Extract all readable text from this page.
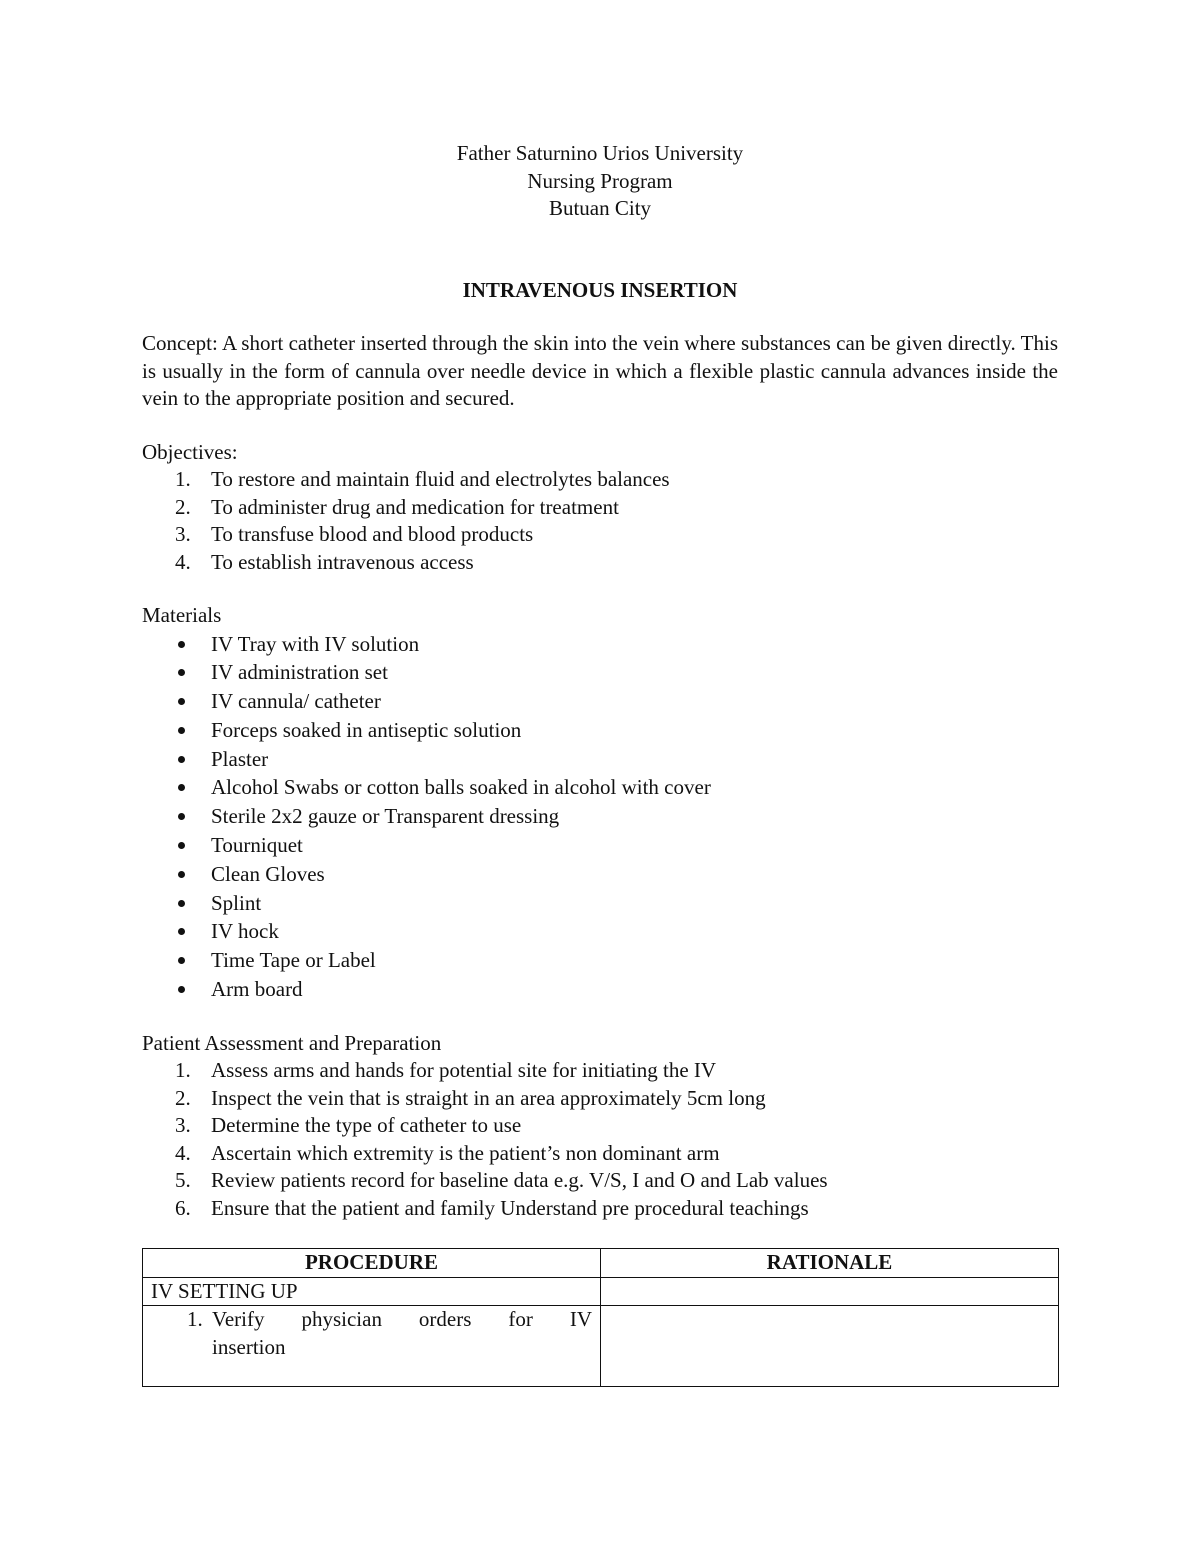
Father Saturnino Urios University
Nursing Program
Butuan City
INTRAVENOUS INSERTION
Concept: A short catheter inserted through the skin into the vein where substances can be given directly. This is usually in the form of cannula over needle device in which a flexible plastic cannula advances inside the vein to the appropriate position and secured.
Objectives:
1. To restore and maintain fluid and electrolytes balances
2. To administer drug and medication for treatment
3. To transfuse blood and blood products
4. To establish intravenous access
Materials
IV Tray with IV solution
IV administration set
IV cannula/ catheter
Forceps soaked in antiseptic solution
Plaster
Alcohol Swabs or cotton balls soaked in alcohol with cover
Sterile 2x2 gauze or Transparent dressing
Tourniquet
Clean Gloves
Splint
IV hock
Time Tape or Label
Arm board
Patient Assessment and Preparation
1. Assess arms and hands for potential site for initiating the IV
2. Inspect the vein that is straight in an area approximately 5cm long
3. Determine the type of catheter to use
4. Ascertain which extremity is the patient’s non dominant arm
5. Review patients record for baseline data e.g. V/S, I and O and Lab values
6. Ensure that the patient and family Understand pre procedural teachings
PROCEDURE	RATIONALE
IV SETTING UP	

1. Verify physician orders for IV
insertion	
